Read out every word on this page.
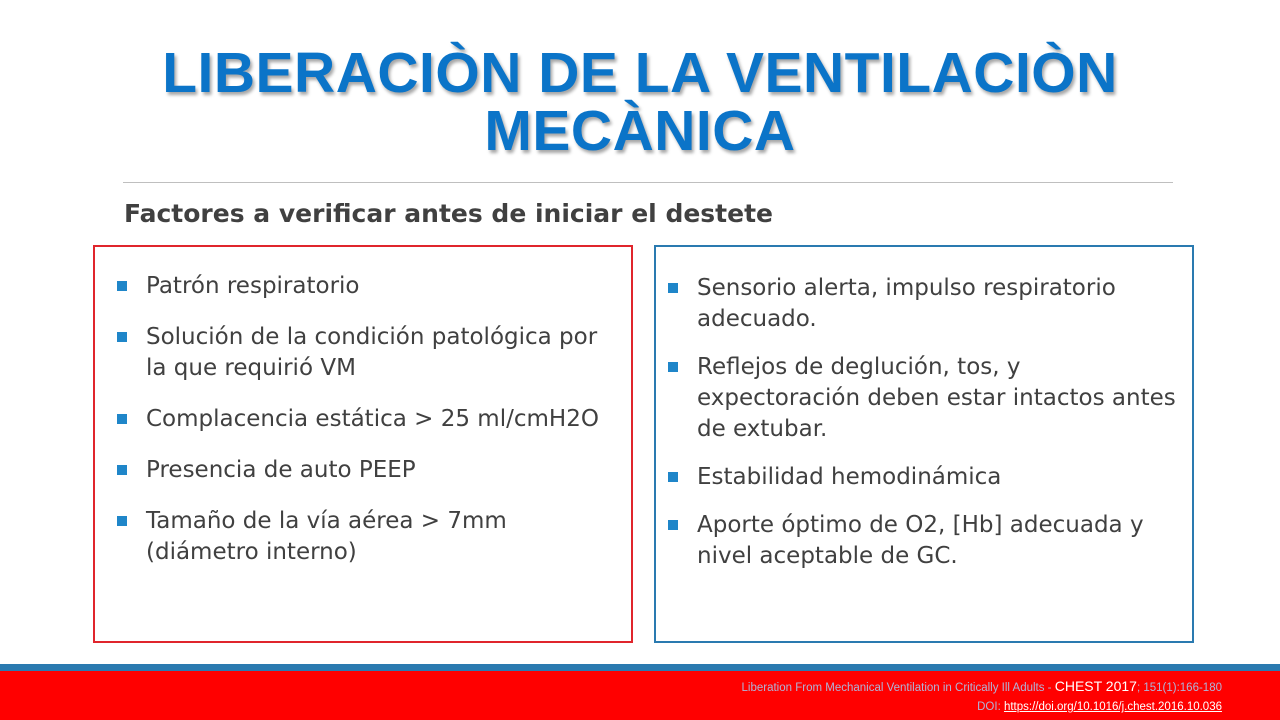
LIBERACIÒN DE LA VENTILACIÒN
MECÀNICA
Factores a verificar antes de iniciar el destete
Patrón respiratorio
Solución de la condición patológica por la que requirió VM
Complacencia estática > 25 ml/cmH2O
Presencia de auto PEEP
Tamaño de la vía aérea > 7mm (diámetro interno)
Sensorio alerta, impulso respiratorio adecuado.
Reflejos de deglución, tos, y expectoración deben estar intactos antes de extubar.
Estabilidad hemodinámica
Aporte óptimo de O2, [Hb] adecuada y nivel aceptable de GC.
Liberation From Mechanical Ventilation in Critically Ill Adults - CHEST 2017; 151(1):166-180
DOI: https://doi.org/10.1016/j.chest.2016.10.036
